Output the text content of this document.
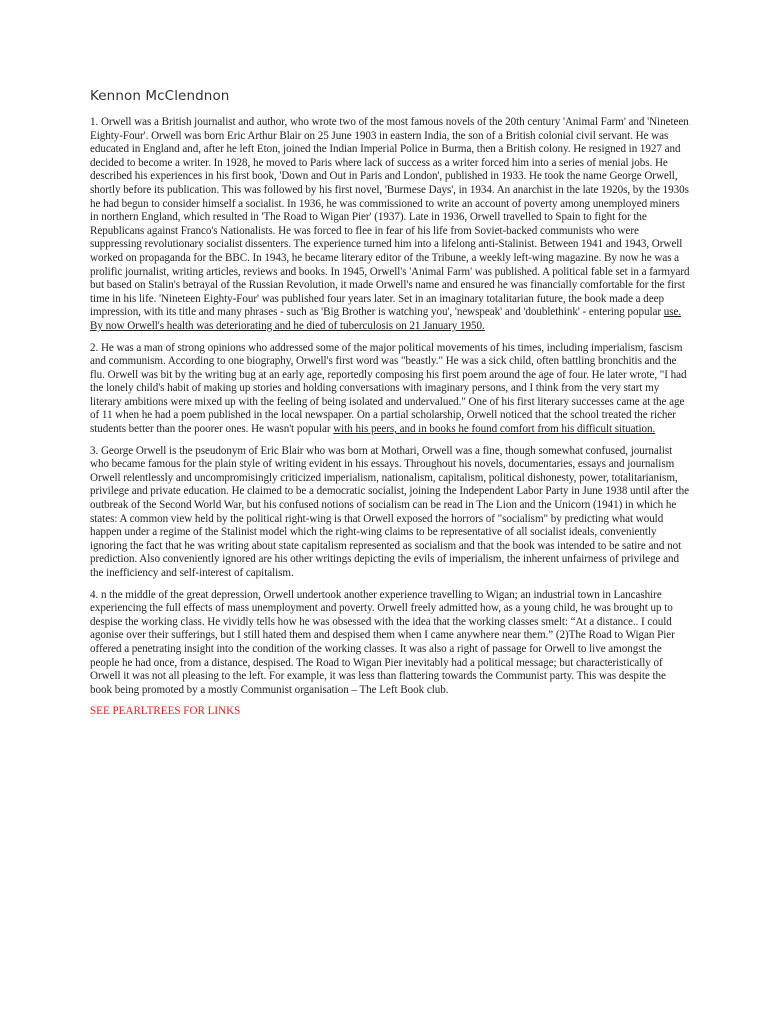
Kennon McClendnon

1. Orwell was a British journalist and author, who wrote two of the most famous novels of the 20th century 'Animal Farm' and 'Nineteen Eighty-Four'. Orwell was born Eric Arthur Blair on 25 June 1903 in eastern India, the son of a British colonial civil servant. He was educated in England and, after he left Eton, joined the Indian Imperial Police in Burma, then a British colony. He resigned in 1927 and decided to become a writer. In 1928, he moved to Paris where lack of success as a writer forced him into a series of menial jobs. He described his experiences in his first book, 'Down and Out in Paris and London', published in 1933. He took the name George Orwell, shortly before its publication. This was followed by his first novel, 'Burmese Days', in 1934. An anarchist in the late 1920s, by the 1930s he had begun to consider himself a socialist. In 1936, he was commissioned to write an account of poverty among unemployed miners in northern England, which resulted in 'The Road to Wigan Pier' (1937). Late in 1936, Orwell travelled to Spain to fight for the Republicans against Franco's Nationalists. He was forced to flee in fear of his life from Soviet-backed communists who were suppressing revolutionary socialist dissenters. The experience turned him into a lifelong anti-Stalinist. Between 1941 and 1943, Orwell worked on propaganda for the BBC. In 1943, he became literary editor of the Tribune, a weekly left-wing magazine. By now he was a prolific journalist, writing articles, reviews and books. In 1945, Orwell's 'Animal Farm' was published. A political fable set in a farmyard but based on Stalin's betrayal of the Russian Revolution, it made Orwell's name and ensured he was financially comfortable for the first time in his life. 'Nineteen Eighty-Four' was published four years later. Set in an imaginary totalitarian future, the book made a deep impression, with its title and many phrases - such as 'Big Brother is watching you', 'newspeak' and 'doublethink' - entering popular use. By now Orwell's health was deteriorating and he died of tuberculosis on 21 January 1950.

2. He was a man of strong opinions who addressed some of the major political movements of his times, including imperialism, fascism and communism. According to one biography, Orwell's first word was "beastly." He was a sick child, often battling bronchitis and the flu. Orwell was bit by the writing bug at an early age, reportedly composing his first poem around the age of four. He later wrote, "I had the lonely child's habit of making up stories and holding conversations with imaginary persons, and I think from the very start my literary ambitions were mixed up with the feeling of being isolated and undervalued." One of his first literary successes came at the age of 11 when he had a poem published in the local newspaper. On a partial scholarship, Orwell noticed that the school treated the richer students better than the poorer ones. He wasn't popular with his peers, and in books he found comfort from his difficult situation.

3. George Orwell is the pseudonym of Eric Blair who was born at Mothari, Orwell was a fine, though somewhat confused, journalist who became famous for the plain style of writing evident in his essays. Throughout his novels, documentaries, essays and journalism Orwell relentlessly and uncompromisingly criticized imperialism, nationalism, capitalism, political dishonesty, power, totalitarianism, privilege and private education. He claimed to be a democratic socialist, joining the Independent Labor Party in June 1938 until after the outbreak of the Second World War, but his confused notions of socialism can be read in The Lion and the Unicorn (1941) in which he states: A common view held by the political right-wing is that Orwell exposed the horrors of "socialism" by predicting what would happen under a regime of the Stalinist model which the right-wing claims to be representative of all socialist ideals, conveniently ignoring the fact that he was writing about state capitalism represented as socialism and that the book was intended to be satire and not prediction. Also conveniently ignored are his other writings depicting the evils of imperialism, the inherent unfairness of privilege and the inefficiency and self-interest of capitalism.

4. n the middle of the great depression, Orwell undertook another experience travelling to Wigan; an industrial town in Lancashire experiencing the full effects of mass unemployment and poverty. Orwell freely admitted how, as a young child, he was brought up to despise the working class. He vividly tells how he was obsessed with the idea that the working classes smelt: “At a distance.. I could agonise over their sufferings, but I still hated them and despised them when I came anywhere near them.” (2)The Road to Wigan Pier offered a penetrating insight into the condition of the working classes. It was also a right of passage for Orwell to live amongst the people he had once, from a distance, despised. The Road to Wigan Pier inevitably had a political message; but characteristically of Orwell it was not all pleasing to the left. For example, it was less than flattering towards the Communist party. This was despite the book being promoted by a mostly Communist organisation – The Left Book club.

SEE PEARLTREES FOR LINKS
